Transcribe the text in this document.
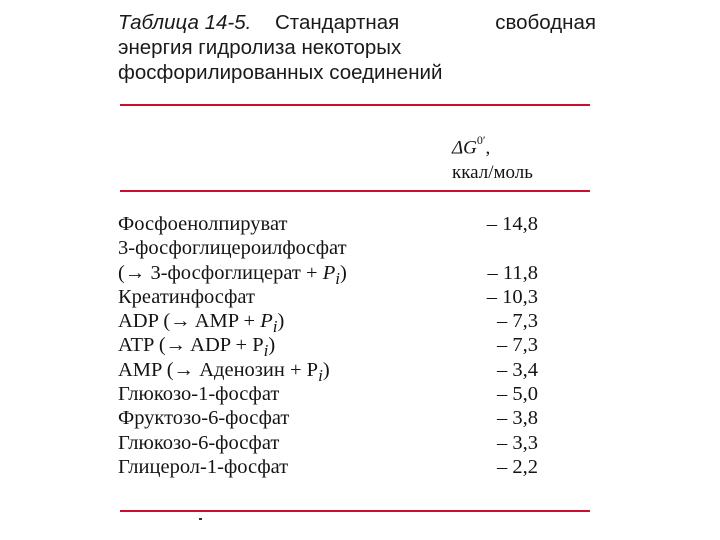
Таблица 14-5. Стандартная	свободная
энергия гидролиза некоторых
фосфорилированных соединений
$\Delta G^{0'}$,
ккал/моль
Фосфоенолпируват	– 14,8
3-фосфоглицероилфосфат
(→ 3-фосфоглицерат + $P_i$)	– 11,8
Креатинфосфат	– 10,3
ADP (→ AMP + $P_i$)	– 7,3
ATP (→ ADP + $P_i$)	– 7,3
AMP (→ Аденозин + $P_i$)	– 3,4
Глюкозо-1-фосфат	– 5,0
Фруктозо-6-фосфат	– 3,8
Глюкозо-6-фосфат	– 3,3
Глицерол-1-фосфат	– 2,2
